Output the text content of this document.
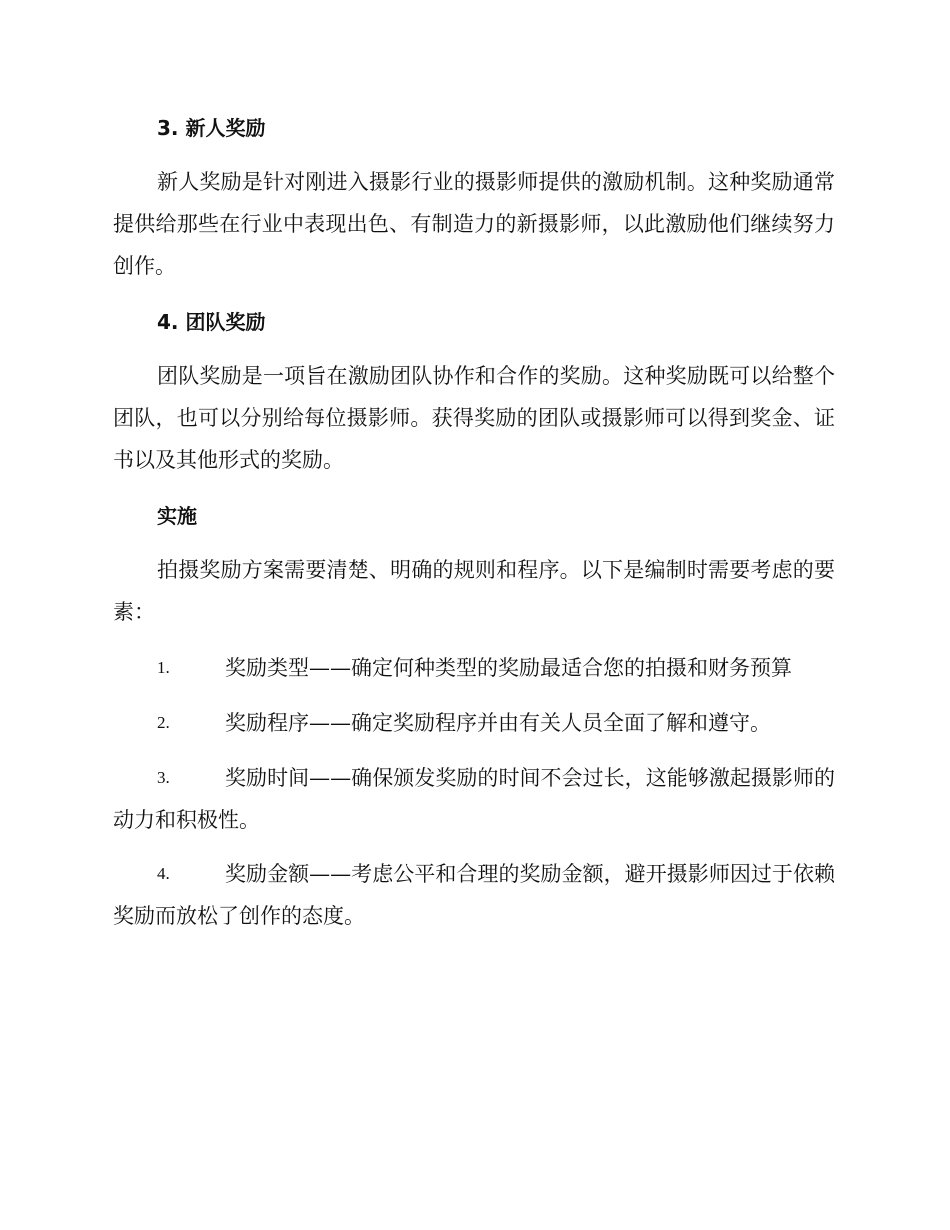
3. 新人奖励

新人奖励是针对刚进入摄影行业的摄影师提供的激励机制。这种奖励通常提供给那些在行业中表现出色、有制造力的新摄影师，以此激励他们继续努力创作。

4. 团队奖励

团队奖励是一项旨在激励团队协作和合作的奖励。这种奖励既可以给整个团队，也可以分别给每位摄影师。获得奖励的团队或摄影师可以得到奖金、证书以及其他形式的奖励。

实施

拍摄奖励方案需要清楚、明确的规则和程序。以下是编制时需要考虑的要素：

1.	奖励类型——确定何种类型的奖励最适合您的拍摄和财务预算
2.	奖励程序——确定奖励程序并由有关人员全面了解和遵守。
3.	奖励时间——确保颁发奖励的时间不会过长，这能够激起摄影师的动力和积极性。
4.	奖励金额——考虑公平和合理的奖励金额，避开摄影师因过于依赖奖励而放松了创作的态度。
